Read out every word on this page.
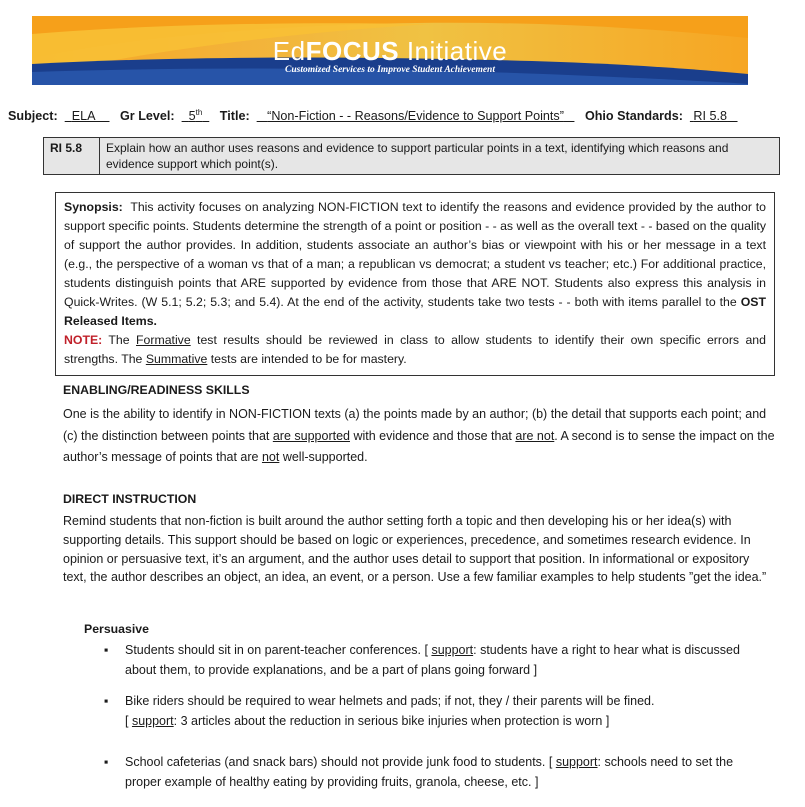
EdFOCUS Initiative
Customized Services to Improve Student Achievement
Subject: ELA Gr Level: 5th Title: “Non-Fiction - - Reasons/Evidence to Support Points” Ohio Standards: RI 5.8
RI 5.8	Explain how an author uses reasons and evidence to support particular points in a text, identifying which reasons and evidence support which point(s).
Synopsis: This activity focuses on analyzing NON-FICTION text to identify the reasons and evidence provided by the author to support specific points. Students determine the strength of a point or position - - as well as the overall text - - based on the quality of support the author provides. In addition, students associate an author’s bias or viewpoint with his or her message in a text (e.g., the perspective of a woman vs that of a man; a republican vs democrat; a student vs teacher; etc.) For additional practice, students distinguish points that ARE supported by evidence from those that ARE NOT. Students also express this analysis in Quick-Writes. (W 5.1; 5.2; 5.3; and 5.4). At the end of the activity, students take two tests - - both with items parallel to the OST Released Items.
NOTE: The Formative test results should be reviewed in class to allow students to identify their own specific errors and strengths. The Summative tests are intended to be for mastery.
ENABLING/READINESS SKILLS
One is the ability to identify in NON-FICTION texts (a) the points made by an author; (b) the detail that supports each point; and (c) the distinction between points that are supported with evidence and those that are not. A second is to sense the impact on the author’s message of points that are not well-supported.
DIRECT INSTRUCTION
Remind students that non-fiction is built around the author setting forth a topic and then developing his or her idea(s) with supporting details. This support should be based on logic or experiences, precedence, and sometimes research evidence. In opinion or persuasive text, it’s an argument, and the author uses detail to support that position. In informational or expository text, the author describes an object, an idea, an event, or a person. Use a few familiar examples to help students ”get the idea.”
Persuasive
▪	Students should sit in on parent-teacher conferences. [ support: students have a right to hear what is discussed about them, to provide explanations, and be a part of plans going forward ]
▪	Bike riders should be required to wear helmets and pads; if not, they / their parents will be fined.
[ support: 3 articles about the reduction in serious bike injuries when protection is worn ]
▪	School cafeterias (and snack bars) should not provide junk food to students. [ support: schools need to set the proper example of healthy eating by providing fruits, granola, cheese, etc. ]
